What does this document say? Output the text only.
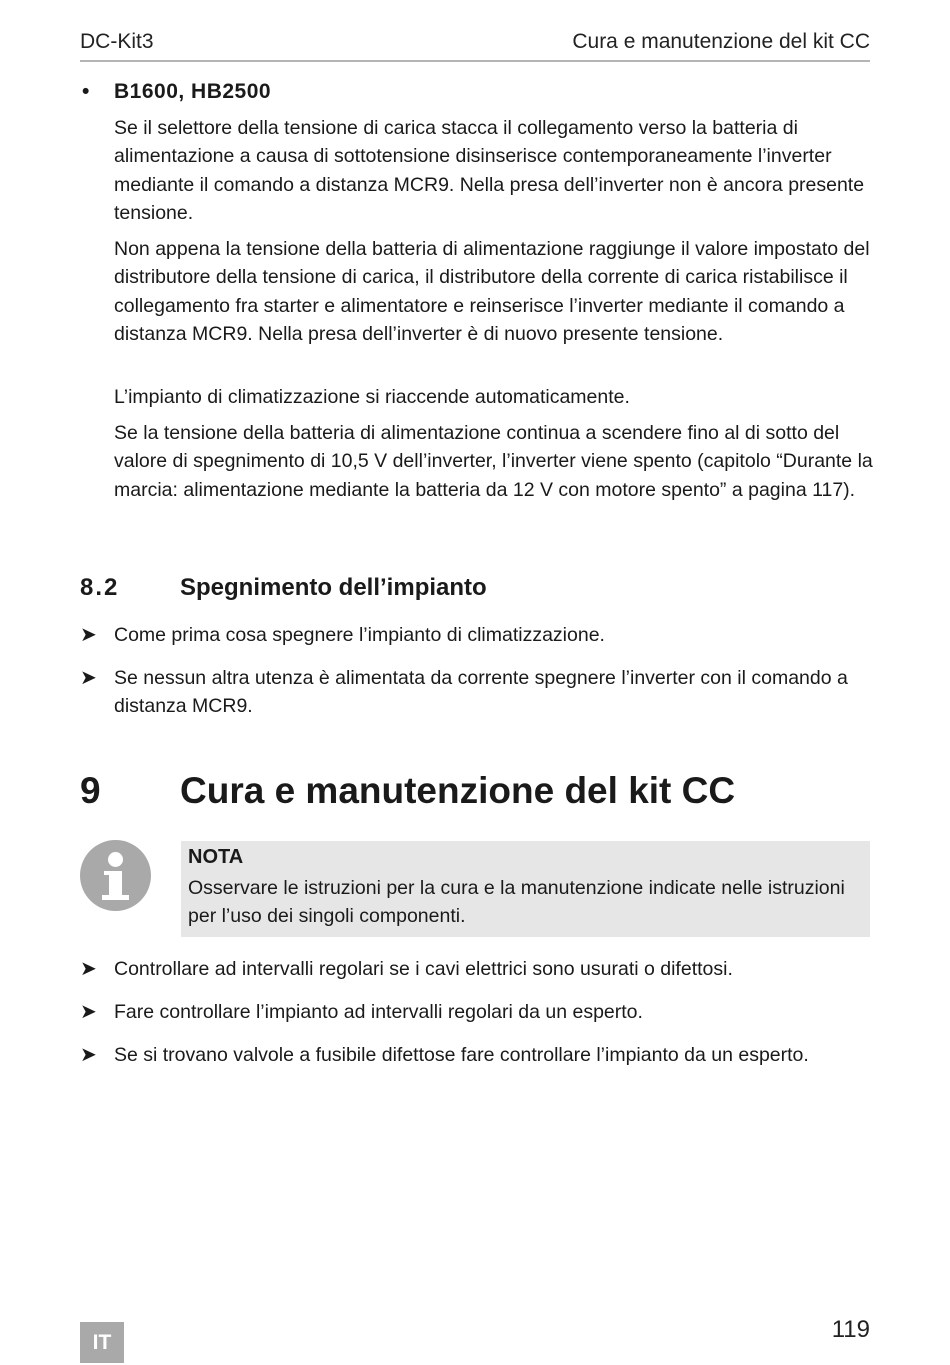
DC-Kit3	Cura e manutenzione del kit CC
• B1600, HB2500

Se il selettore della tensione di carica stacca il collegamento verso la batteria di alimentazione a causa di sottotensione disinserisce contemporaneamente l’inverter mediante il comando a distanza MCR9. Nella presa dell’inverter non è ancora presente tensione.

Non appena la tensione della batteria di alimentazione raggiunge il valore impostato del distributore della tensione di carica, il distributore della corrente di carica ristabilisce il collegamento fra starter e alimentatore e reinserisce l’inverter mediante il comando a distanza MCR9. Nella presa dell’inverter è di nuovo presente tensione.

L’impianto di climatizzazione si riaccende automaticamente.

Se la tensione della batteria di alimentazione continua a scendere fino al di sotto del valore di spegnimento di 10,5 V dell’inverter, l’inverter viene spento (capitolo “Durante la marcia: alimentazione mediante la batteria da 12 V con motore spento” a pagina 117).

8.2	Spegnimento dell’impianto
➤ Come prima cosa spegnere l’impianto di climatizzazione.
➤ Se nessun altra utenza è alimentata da corrente spegnere l’inverter con il comando a distanza MCR9.
9 Cura e manutenzione del kit CC
NOTA
Osservare le istruzioni per la cura e la manutenzione indicate nelle istruzioni per l’uso dei singoli componenti.
➤ Controllare ad intervalli regolari se i cavi elettrici sono usurati o difettosi.
➤ Fare controllare l’impianto ad intervalli regolari da un esperto.
➤ Se si trovano valvole a fusibile difettose fare controllare l’impianto da un esperto.
119
IT
